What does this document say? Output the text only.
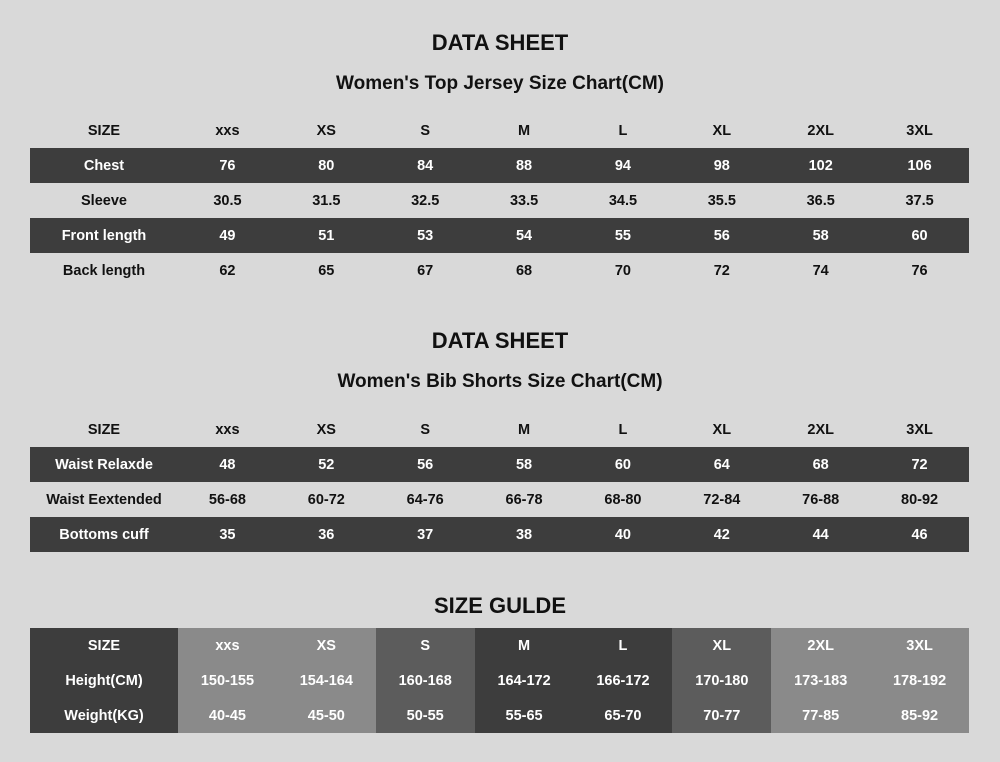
DATA SHEET
Women's Top Jersey Size Chart(CM)
SIZE	xxs	XS	S	M	L	XL	2XL	3XL
Chest	76	80	84	88	94	98	102	106
Sleeve	30.5	31.5	32.5	33.5	34.5	35.5	36.5	37.5
Front length	49	51	53	54	55	56	58	60
Back length	62	65	67	68	70	72	74	76
DATA SHEET
Women's Bib Shorts Size Chart(CM)
SIZE	xxs	XS	S	M	L	XL	2XL	3XL
Waist Relaxde	48	52	56	58	60	64	68	72
Waist Eextended	56-68	60-72	64-76	66-78	68-80	72-84	76-88	80-92
Bottoms cuff	35	36	37	38	40	42	44	46
SIZE GULDE
SIZE	xxs	XS	S	M	L	XL	2XL	3XL
Height(CM)	150-155	154-164	160-168	164-172	166-172	170-180	173-183	178-192
Weight(KG)	40-45	45-50	50-55	55-65	65-70	70-77	77-85	85-92
